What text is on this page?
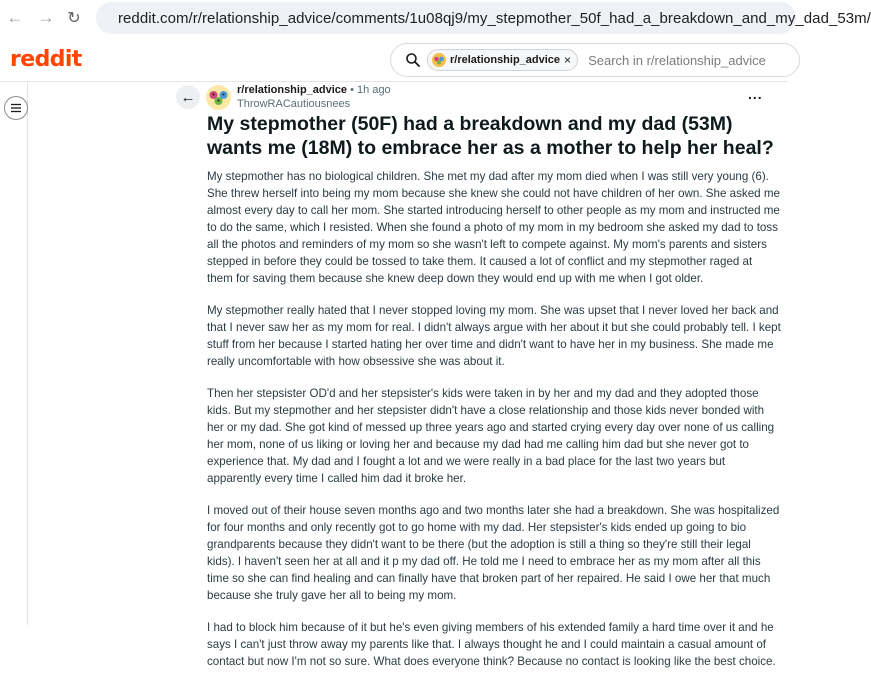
← → ↻	reddit.com/r/relationship_advice/comments/1u08qj9/my_stepmother_50f_had_a_breakdown_and_my_dad_53m/
reddit	r/relationship_advice × Search in r/relationship_advice
←	r/relationship_advice • 1h ago
ThrowRACautiousnees
...
My stepmother (50F) had a breakdown and my dad (53M) wants me (18M) to embrace her as a mother to help her heal?

My stepmother has no biological children. She met my dad after my mom died when I was still very young (6). She threw herself into being my mom because she knew she could not have children of her own. She asked me almost every day to call her mom. She started introducing herself to other people as my mom and instructed me to do the same, which I resisted. When she found a photo of my mom in my bedroom she asked my dad to toss all the photos and reminders of my mom so she wasn't left to compete against. My mom's parents and sisters stepped in before they could be tossed to take them. It caused a lot of conflict and my stepmother raged at them for saving them because she knew deep down they would end up with me when I got older.

My stepmother really hated that I never stopped loving my mom. She was upset that I never loved her back and that I never saw her as my mom for real. I didn't always argue with her about it but she could probably tell. I kept stuff from her because I started hating her over time and didn't want to have her in my business. She made me really uncomfortable with how obsessive she was about it.

Then her stepsister OD'd and her stepsister's kids were taken in by her and my dad and they adopted those kids. But my stepmother and her stepsister didn't have a close relationship and those kids never bonded with her or my dad. She got kind of messed up three years ago and started crying every day over none of us calling her mom, none of us liking or loving her and because my dad had me calling him dad but she never got to experience that. My dad and I fought a lot and we were really in a bad place for the last two years but apparently every time I called him dad it broke her.

I moved out of their house seven months ago and two months later she had a breakdown. She was hospitalized for four months and only recently got to go home with my dad. Her stepsister's kids ended up going to bio grandparents because they didn't want to be there (but the adoption is still a thing so they're still their legal kids). I haven't seen her at all and it p my dad off. He told me I need to embrace her as my mom after all this time so she can find healing and can finally have that broken part of her repaired. He said I owe her that much because she truly gave her all to being my mom.

I had to block him because of it but he's even giving members of his extended family a hard time over it and he says I can't just throw away my parents like that. I always thought he and I could maintain a casual amount of contact but now I'm not so sure. What does everyone think? Because no contact is looking like the best choice.
